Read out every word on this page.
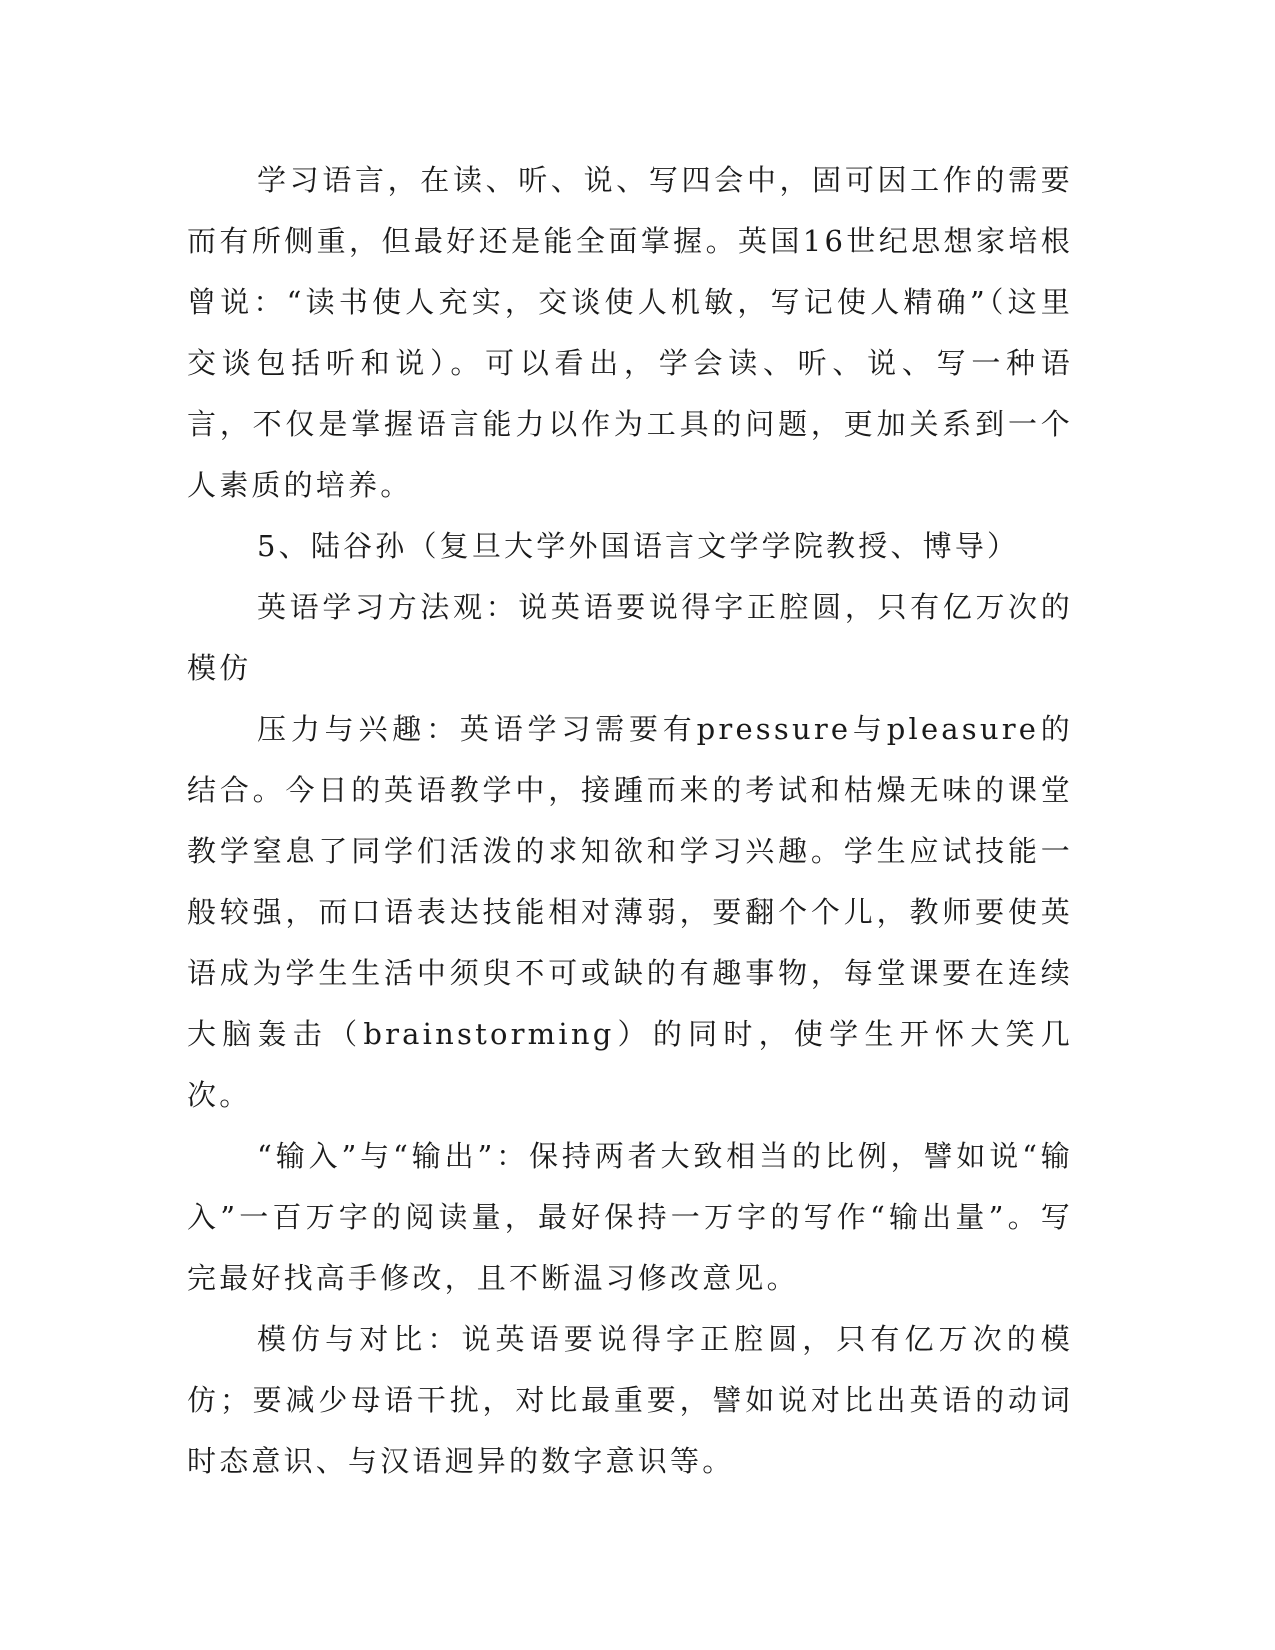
学习语言，在读、听、说、写四会中，固可因工作的需要而有所侧重，但最好还是能全面掌握。英国16世纪思想家培根曾说：“读书使人充实，交谈使人机敏，写记使人精确”（这里交谈包括听和说）。可以看出，学会读、听、说、写一种语言，不仅是掌握语言能力以作为工具的问题，更加关系到一个人素质的培养。

5、陆谷孙（复旦大学外国语言文学学院教授、博导）

英语学习方法观：说英语要说得字正腔圆，只有亿万次的模仿

压力与兴趣：英语学习需要有pressure与pleasure的结合。今日的英语教学中，接踵而来的考试和枯燥无味的课堂教学窒息了同学们活泼的求知欲和学习兴趣。学生应试技能一般较强，而口语表达技能相对薄弱，要翻个个儿，教师要使英语成为学生生活中须臾不可或缺的有趣事物，每堂课要在连续大脑轰击（brainstorming）的同时，使学生开怀大笑几次。

“输入”与“输出”：保持两者大致相当的比例，譬如说“输入”一百万字的阅读量，最好保持一万字的写作“输出量”。写完最好找高手修改，且不断温习修改意见。

模仿与对比：说英语要说得字正腔圆，只有亿万次的模仿；要减少母语干扰，对比最重要，譬如说对比出英语的动词时态意识、与汉语迥异的数字意识等。
